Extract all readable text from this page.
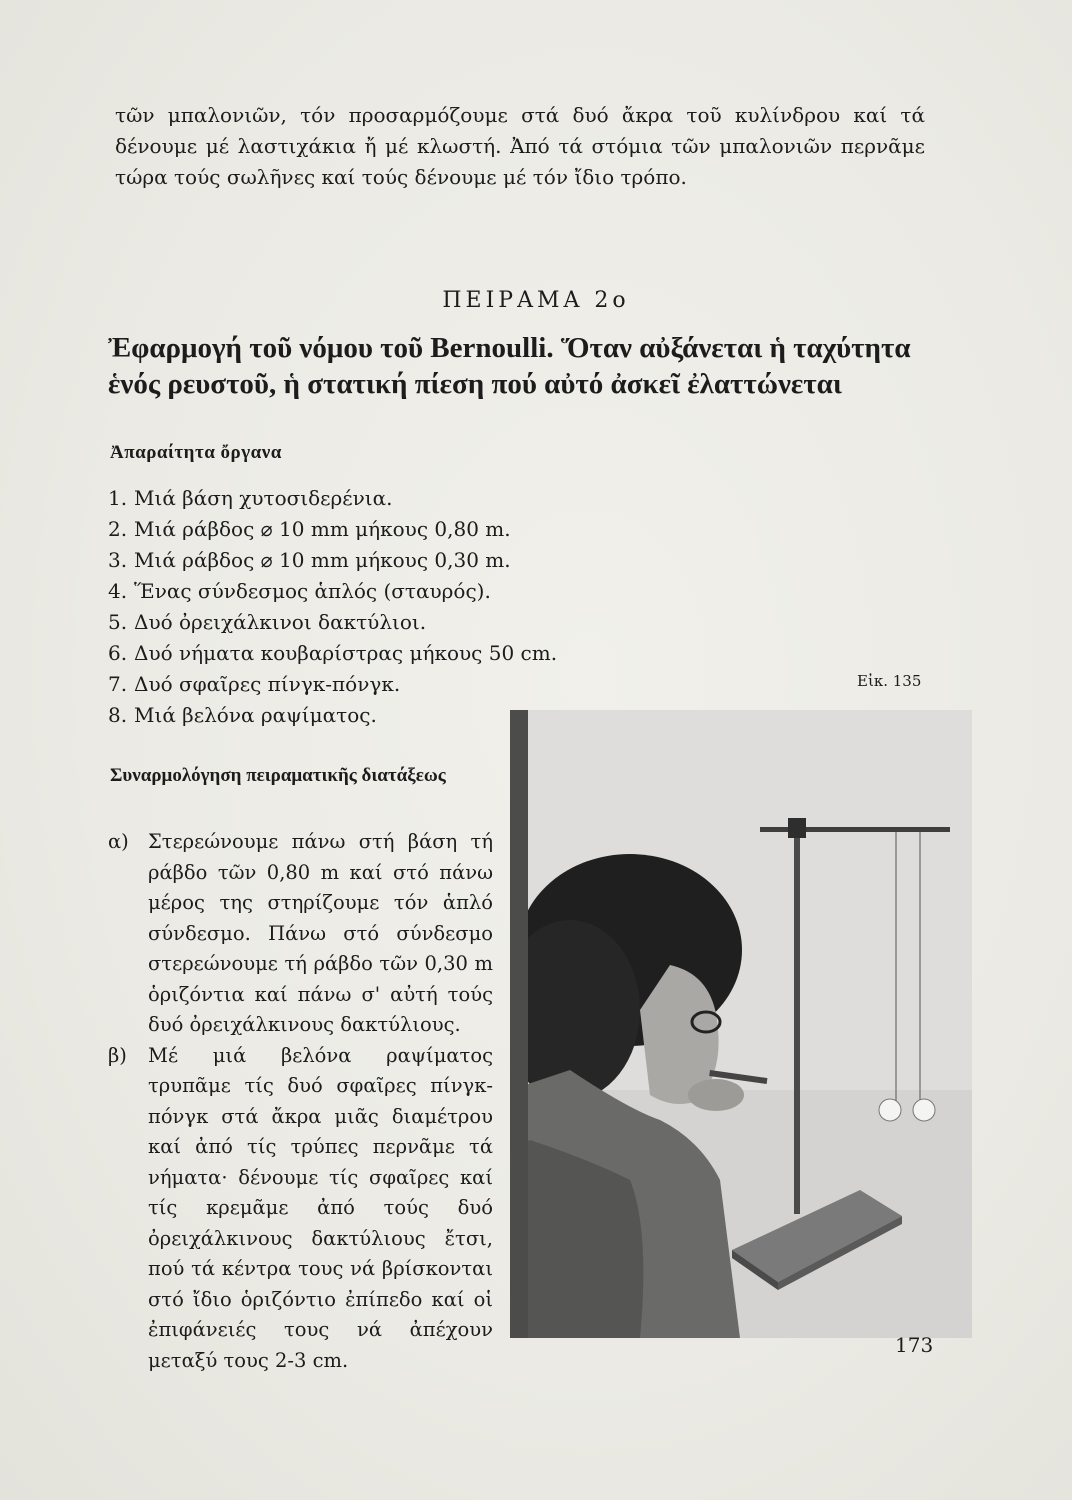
τῶν μπαλονιῶν, τόν προσαρμόζουμε στά δυό ἄκρα τοῦ κυλίνδρου καί τά δένουμε μέ λαστιχάκια ἤ μέ κλωστή. Ἀπό τά στόμια τῶν μπαλονιῶν περνᾶμε τώρα τούς σωλῆνες καί τούς δένουμε μέ τόν ἴδιο τρόπο.

ΠΕΙΡΑΜΑ 2ο
Ἐφαρμογή τοῦ νόμου τοῦ Bernoulli. Ὅταν αὐξάνεται ἡ ταχύτητα ἑνός ρευστοῦ, ἡ στατική πίεση πού αὐτό ἀσκεῖ ἐλαττώνεται
Ἀπαραίτητα ὄργανα
1. Μιά βάση χυτοσιδερένια.
2. Μιά ράβδος ⌀ 10 mm μήκους 0,80 m.
3. Μιά ράβδος ⌀ 10 mm μήκους 0,30 m.
4. Ἕνας σύνδεσμος ἁπλός (σταυρός).
5. Δυό ὀρειχάλκινοι δακτύλιοι.
6. Δυό νήματα κουβαρίστρας μήκους 50 cm.
7. Δυό σφαῖρες πίνγκ-πόνγκ.
8. Μιά βελόνα ραψίματος.
Συναρμολόγηση πειραματικῆς διατάξεως
α) Στερεώνουμε πάνω στή βάση τή ράβδο τῶν 0,80 m καί στό πάνω μέρος της στηρίζουμε τόν ἁπλό σύνδεσμο. Πάνω στό σύνδεσμο στερεώνουμε τή ράβδο τῶν 0,30 m ὁριζόντια καί πάνω σ' αὐτή τούς δυό ὀρειχάλκινους δακτύλιους.
β)	Μέ μιά βελόνα ραψίματος τρυπᾶμε τίς δυό σφαῖρες πίνγκ-πόνγκ στά ἄκρα μιᾶς διαμέτρου καί ἀπό τίς τρύπες περνᾶμε τά νήματα· δένουμε τίς σφαῖρες καί τίς κρεμᾶμε ἀπό τούς δυό ὀρειχάλκινους δακτύλιους ἔτσι, πού τά κέντρα τους νά βρίσκονται στό ἴδιο ὁριζόντιο ἐπίπεδο καί οἱ ἐπιφάνειές τους νά ἀπέχουν μεταξύ τους 2-3 cm.
Εἰκ. 135
173
